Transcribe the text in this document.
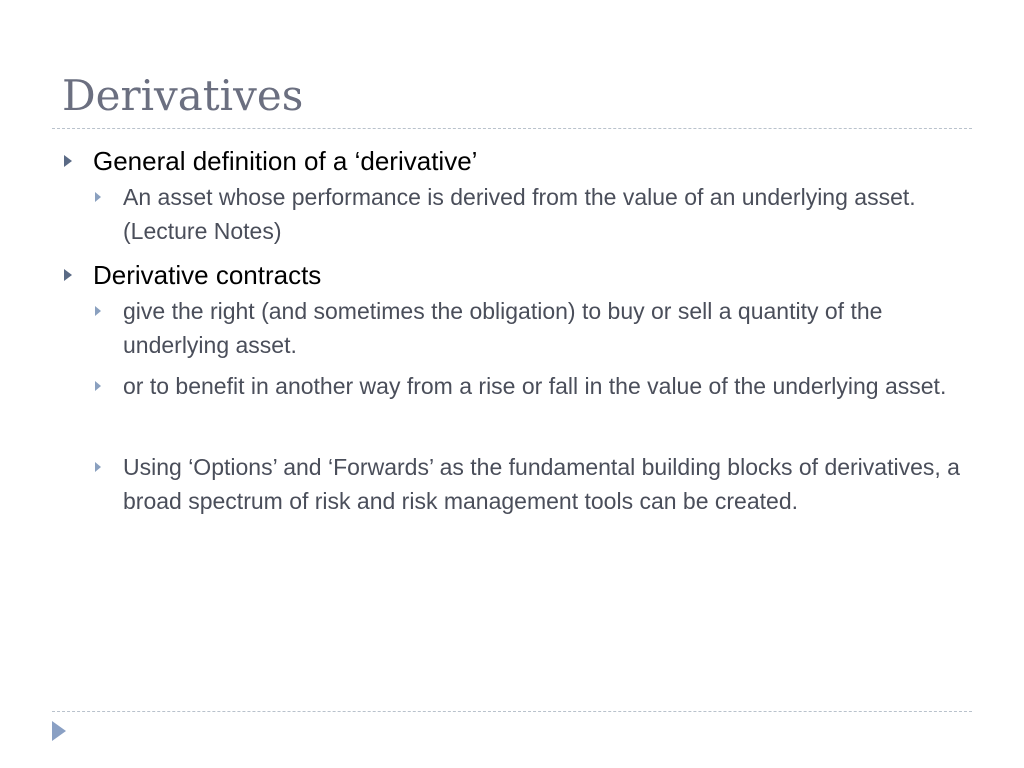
Derivatives
General definition of a ‘derivative’
An asset whose performance is derived from the value of an underlying asset. (Lecture Notes)
Derivative contracts
give the right (and sometimes the obligation) to buy or sell a quantity of the underlying asset.
or to benefit in another way from a rise or fall in the value of the underlying asset.
Using ‘Options’ and ‘Forwards’ as the fundamental building blocks of derivatives, a broad spectrum of risk and risk management tools can be created.
